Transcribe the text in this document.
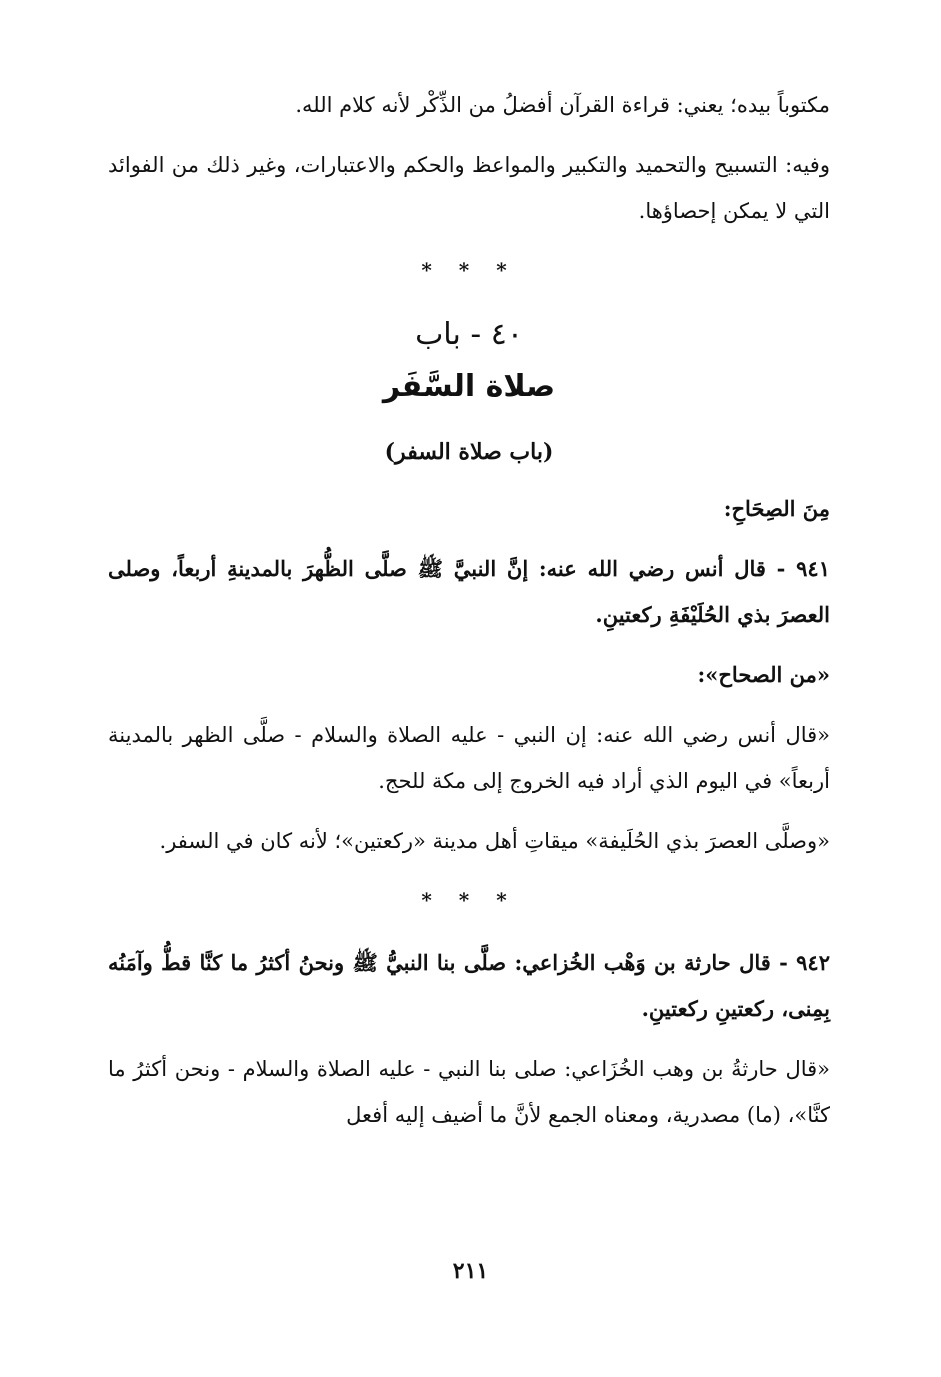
مكتوباً بيده؛ يعني: قراءة القرآن أفضلُ من الذِّكْر لأنه كلام الله.

وفيه: التسبيح والتحميد والتكبير والمواعظ والحكم والاعتبارات، وغير ذلك من الفوائد التي لا يمكن إحصاؤها.

* * *
٤٠ - باب
صلاة السَّفَر
(باب صلاة السفر)

مِنَ الصِحَاحِ:

٩٤١ - قال أنس رضي الله عنه: إنَّ النبيَّ ﷺ صلَّى الظُّهرَ بالمدينةِ أربعاً، وصلى العصرَ بذي الحُلَيْفَةِ ركعتينِ.

«من الصحاح»:

«قال أنس رضي الله عنه: إن النبي - عليه الصلاة والسلام - صلَّى الظهر بالمدينة أربعاً» في اليوم الذي أراد فيه الخروج إلى مكة للحج.

«وصلَّى العصرَ بذي الحُلَيفة» ميقاتِ أهل مدينة «ركعتين»؛ لأنه كان في السفر.

* * *

٩٤٢ - قال حارثة بن وَهْب الخُزاعي: صلَّى بنا النبيُّ ﷺ ونحنُ أكثرُ ما كنَّا قطُّ وآمَنُه بِمِنى، ركعتينِ ركعتينِ.

«قال حارثةُ بن وهب الخُزَاعي: صلى بنا النبي - عليه الصلاة والسلام - ونحن أكثرُ ما كنَّا»، (ما) مصدرية، ومعناه الجمع لأنَّ ما أضيف إليه أفعل

٢١١
